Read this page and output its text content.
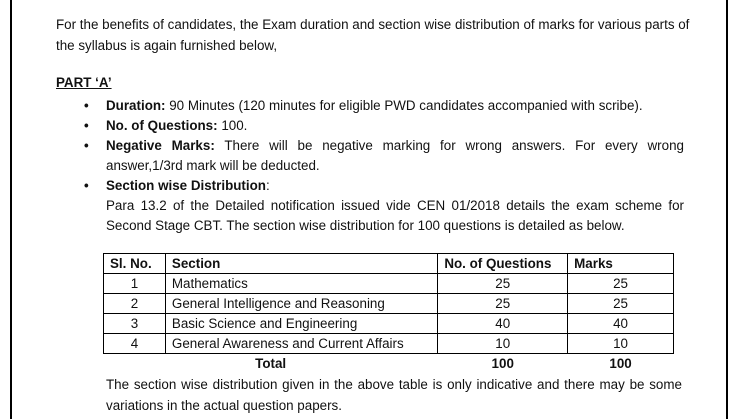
For the benefits of candidates, the Exam duration and section wise distribution of marks for various parts of the syllabus is again furnished below,
PART ‘A’
• Duration: 90 Minutes (120 minutes for eligible PWD candidates accompanied with scribe).
• No. of Questions: 100.
• Negative Marks: There will be negative marking for wrong answers. For every wrong answer,1/3rd mark will be deducted.
• Section wise Distribution:
Para 13.2 of the Detailed notification issued vide CEN 01/2018 details the exam scheme for Second Stage CBT. The section wise distribution for 100 questions is detailed as below.
Sl. No.	Section	No. of Questions	Marks
1	Mathematics	25	25
2	General Intelligence and Reasoning	25	25
3	Basic Science and Engineering	40	40
4	General Awareness and Current Affairs	10	10
Total		100	100
The section wise distribution given in the above table is only indicative and there may be some variations in the actual question papers.
